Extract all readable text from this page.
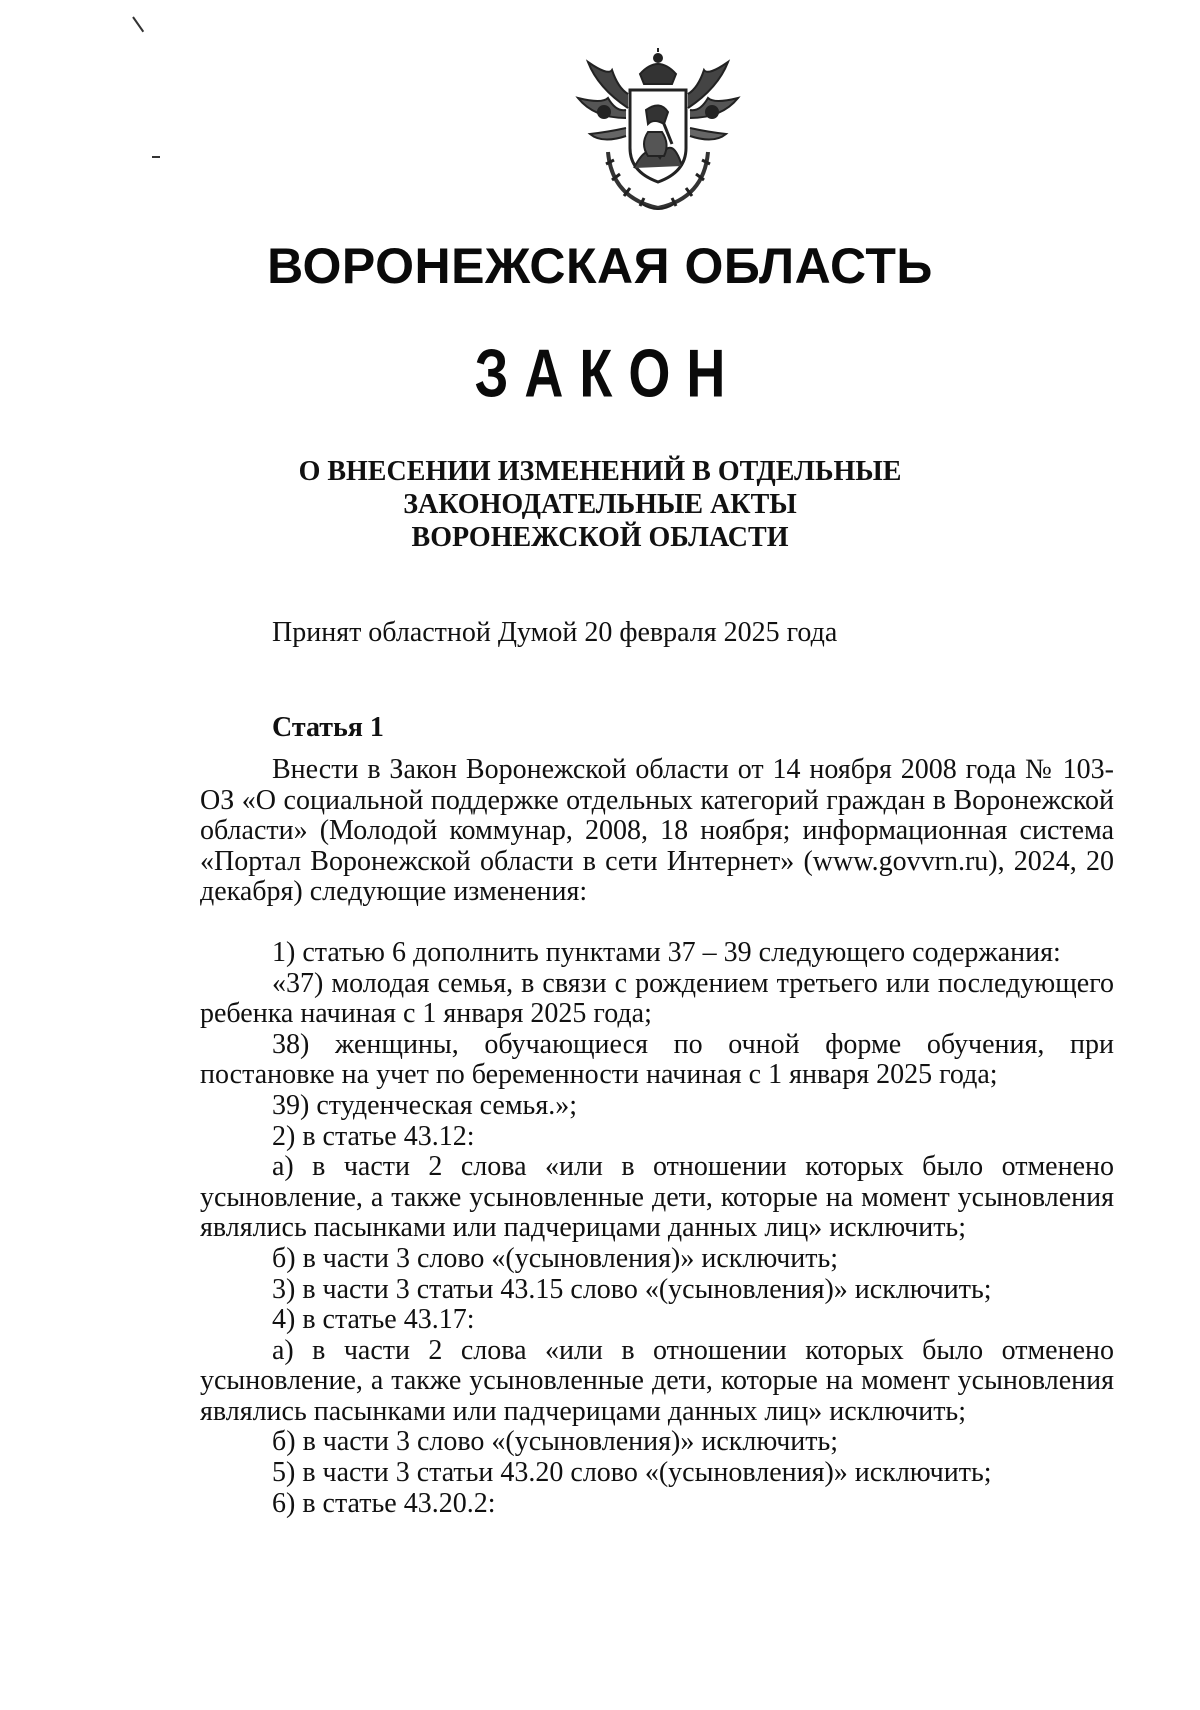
ВОРОНЕЖСКАЯ ОБЛАСТЬ
ЗАКОН
О ВНЕСЕНИИ ИЗМЕНЕНИЙ В ОТДЕЛЬНЫЕ
ЗАКОНОДАТЕЛЬНЫЕ АКТЫ
ВОРОНЕЖСКОЙ ОБЛАСТИ
Принят областной Думой 20 февраля 2025 года
Статья 1

Внести в Закон Воронежской области от 14 ноября 2008 года № 103-ОЗ «О социальной поддержке отдельных категорий граждан в Воронежской области» (Молодой коммунар, 2008, 18 ноября; информационная система «Портал Воронежской области в сети Интернет» (www.govvrn.ru), 2024, 20 декабря) следующие изменения:

1) статью 6 дополнить пунктами 37 – 39 следующего содержания:

«37) молодая семья, в связи с рождением третьего или последующего ребенка начиная с 1 января 2025 года;

38) женщины, обучающиеся по очной форме обучения, при постановке на учет по беременности начиная с 1 января 2025 года;

39) студенческая семья.»;

2) в статье 43.12:

а) в части 2 слова «или в отношении которых было отменено усыновление, а также усыновленные дети, которые на момент усыновления являлись пасынками или падчерицами данных лиц» исключить;

б) в части 3 слово «(усыновления)» исключить;

3) в части 3 статьи 43.15 слово «(усыновления)» исключить;

4) в статье 43.17:

а) в части 2 слова «или в отношении которых было отменено усыновление, а также усыновленные дети, которые на момент усыновления являлись пасынками или падчерицами данных лиц» исключить;

б) в части 3 слово «(усыновления)» исключить;

5) в части 3 статьи 43.20 слово «(усыновления)» исключить;

6) в статье 43.20.2:
